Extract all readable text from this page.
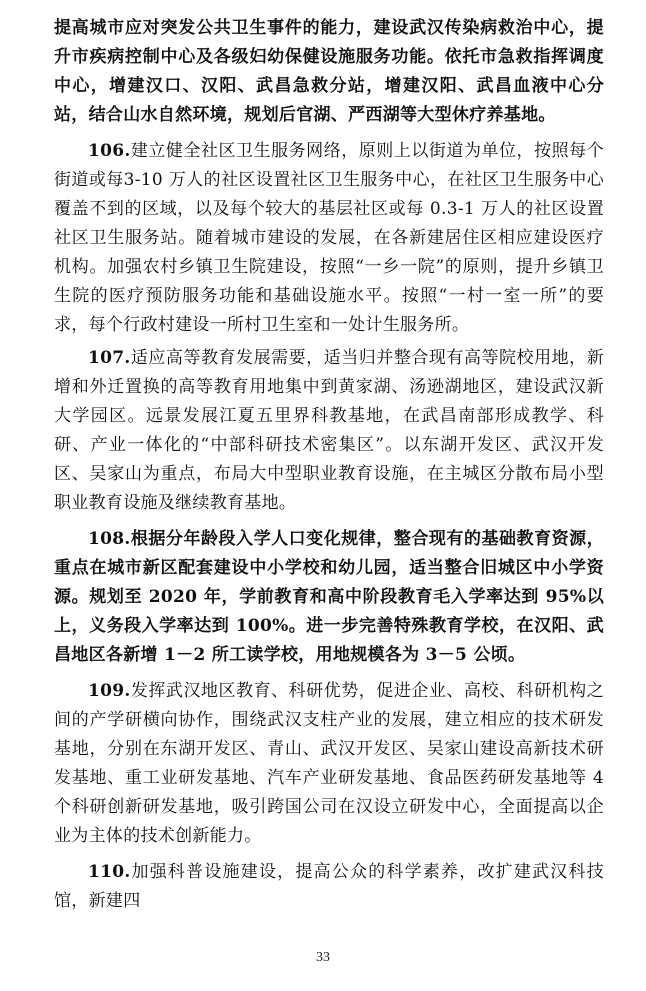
提高城市应对突发公共卫生事件的能力，建设武汉传染病救治中心，提升市疾病控制中心及各级妇幼保健设施服务功能。依托市急救指挥调度中心，增建汉口、汉阳、武昌急救分站，增建汉阳、武昌血液中心分站，结合山水自然环境，规划后官湖、严西湖等大型休疗养基地。

106.建立健全社区卫生服务网络，原则上以街道为单位，按照每个街道或每3-10 万人的社区设置社区卫生服务中心，在社区卫生服务中心覆盖不到的区域，以及每个较大的基层社区或每 0.3-1 万人的社区设置社区卫生服务站。随着城市建设的发展，在各新建居住区相应建设医疗机构。加强农村乡镇卫生院建设，按照“一乡一院”的原则，提升乡镇卫生院的医疗预防服务功能和基础设施水平。按照“一村一室一所”的要求，每个行政村建设一所村卫生室和一处计生服务所。

107.适应高等教育发展需要，适当归并整合现有高等院校用地，新增和外迁置换的高等教育用地集中到黄家湖、汤逊湖地区，建设武汉新大学园区。远景发展江夏五里界科教基地，在武昌南部形成教学、科研、产业一体化的“中部科研技术密集区”。以东湖开发区、武汉开发区、吴家山为重点，布局大中型职业教育设施，在主城区分散布局小型职业教育设施及继续教育基地。

108.根据分年龄段入学人口变化规律，整合现有的基础教育资源，重点在城市新区配套建设中小学校和幼儿园，适当整合旧城区中小学资源。规划至 2020 年，学前教育和高中阶段教育毛入学率达到 95%以上，义务段入学率达到 100%。进一步完善特殊教育学校，在汉阳、武昌地区各新增 1－2 所工读学校，用地规模各为 3－5 公顷。

109.发挥武汉地区教育、科研优势，促进企业、高校、科研机构之间的产学研横向协作，围绕武汉支柱产业的发展，建立相应的技术研发基地，分别在东湖开发区、青山、武汉开发区、吴家山建设高新技术研发基地、重工业研发基地、汽车产业研发基地、食品医药研发基地等 4 个科研创新研发基地，吸引跨国公司在汉设立研发中心，全面提高以企业为主体的技术创新能力。

110.加强科普设施建设，提高公众的科学素养，改扩建武汉科技馆，新建四

33
